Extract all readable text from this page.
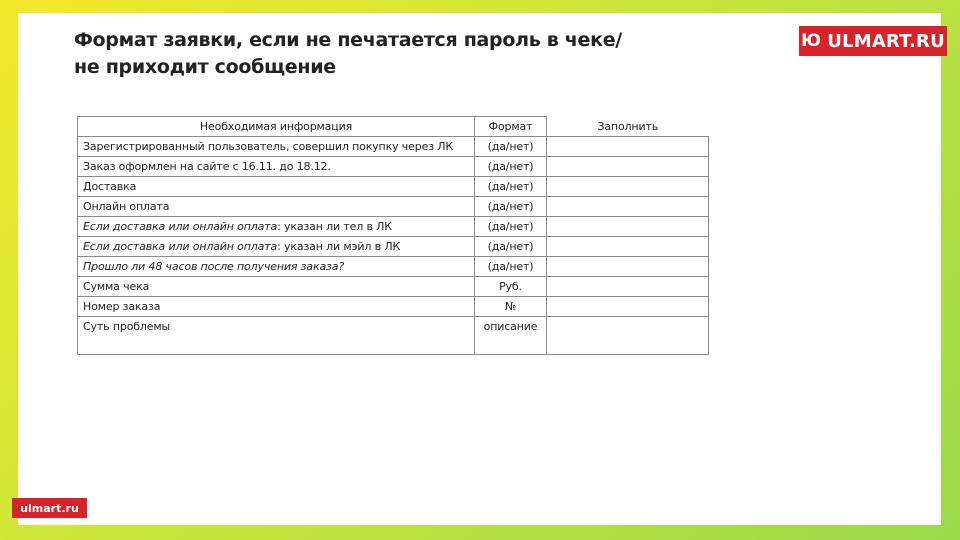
Формат заявки, если не печатается пароль в чеке/
не приходит сообщение
Ю ULMART.RU
Необходимая информация	Формат	Заполнить
Зарегистрированный пользователь, совершил покупку через ЛК	(да/нет)	
Заказ оформлен на сайте с 16.11. до 18.12.	(да/нет)	
Доставка	(да/нет)	
Онлайн оплата	(да/нет)	
Если доставка или онлайн оплата: указан ли тел в ЛК	(да/нет)	
Если доставка или онлайн оплата: указан ли мэйл в ЛК	(да/нет)	
Прошло ли 48 часов после получения заказа?	(да/нет)	
Сумма чека	Руб.	
Номер заказа	№	
Суть проблемы	описание	
ulmart.ru
